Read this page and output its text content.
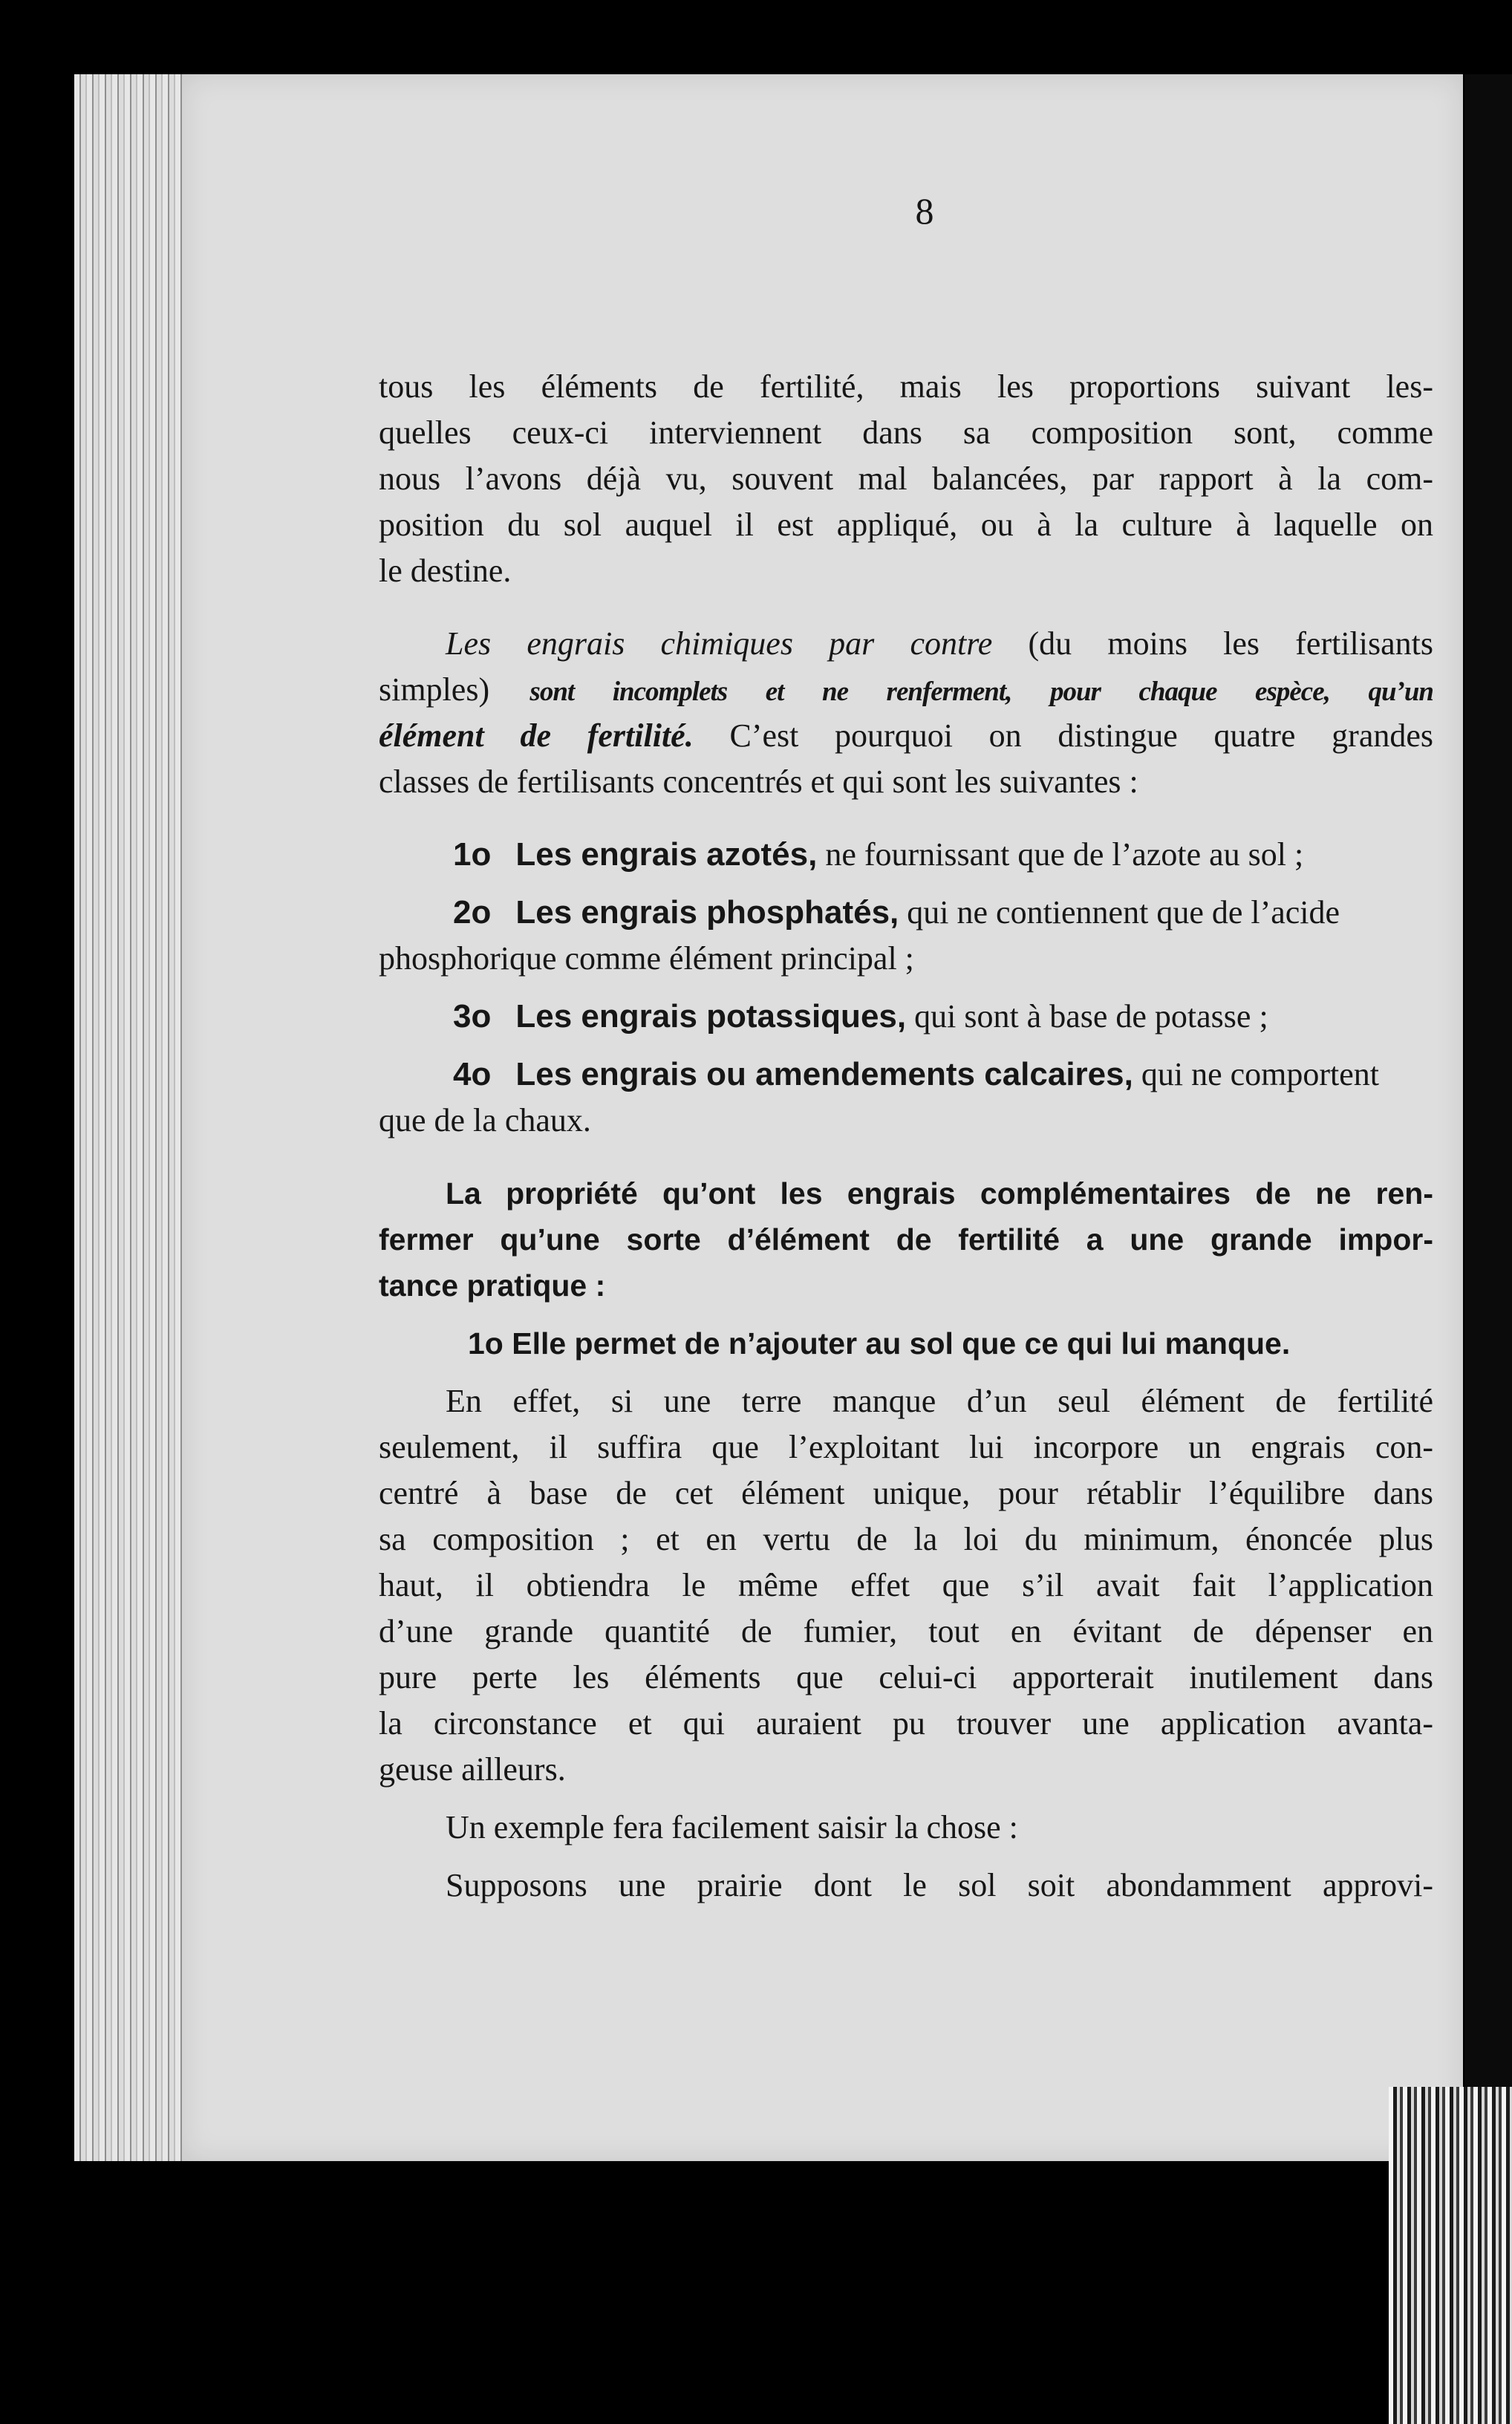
8
tous les éléments de fertilité, mais les proportions suivant les-
quelles ceux-ci interviennent dans sa composition sont, comme
nous l’avons déjà vu, souvent mal balancées, par rapport à la com-
position du sol auquel il est appliqué, ou à la culture à laquelle on
le destine.
Les engrais chimiques par contre (du moins les fertilisants
simples) sont incomplets et ne renferment, pour chaque espèce, qu’un
élément de fertilité. C’est pourquoi on distingue quatre grandes
classes de fertilisants concentrés et qui sont les suivantes :
1o Les engrais azotés, ne fournissant que de l’azote au sol ;
2o Les engrais phosphatés, qui ne contiennent que de l’acide
phosphorique comme élément principal ;
3o Les engrais potassiques, qui sont à base de potasse ;
4o Les engrais ou amendements calcaires, qui ne comportent
que de la chaux.
La propriété qu’ont les engrais complémentaires de ne ren-
fermer qu’une sorte d’élément de fertilité a une grande impor-
tance pratique :
1o Elle permet de n’ajouter au sol que ce qui lui manque.
En effet, si une terre manque d’un seul élément de fertilité
seulement, il suffira que l’exploitant lui incorpore un engrais con-
centré à base de cet élément unique, pour rétablir l’équilibre dans
sa composition ; et en vertu de la loi du minimum, énoncée plus
haut, il obtiendra le même effet que s’il avait fait l’application
d’une grande quantité de fumier, tout en évitant de dépenser en
pure perte les éléments que celui-ci apporterait inutilement dans
la circonstance et qui auraient pu trouver une application avanta-
geuse ailleurs.
Un exemple fera facilement saisir la chose :
Supposons une prairie dont le sol soit abondamment approvi-
